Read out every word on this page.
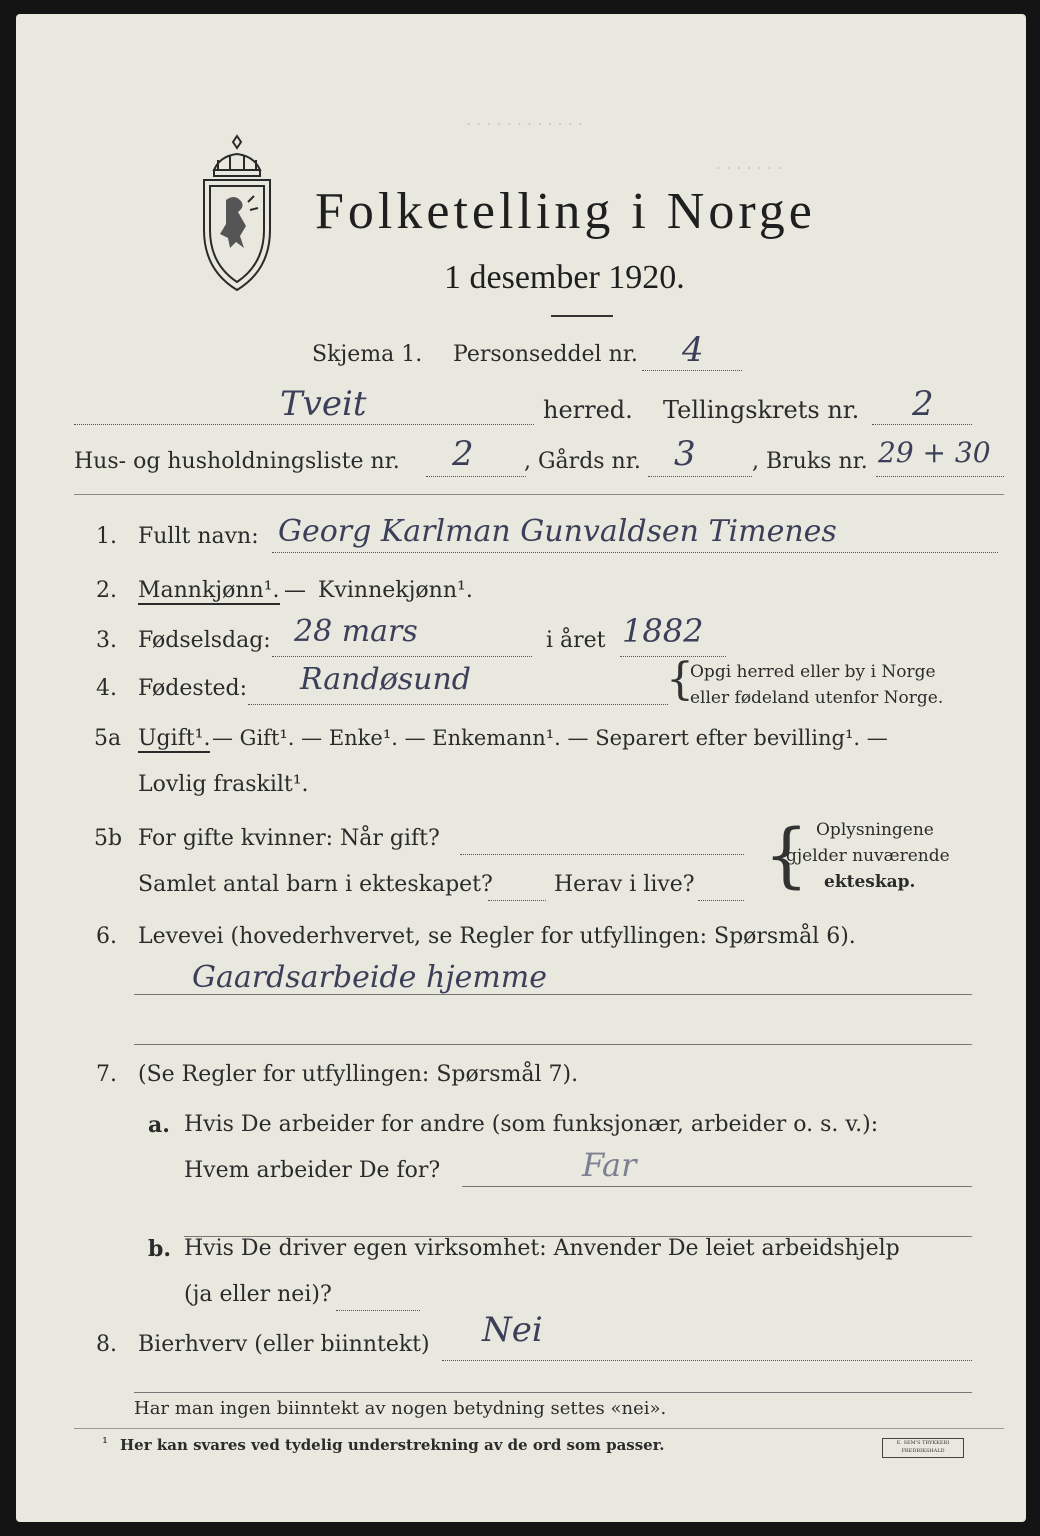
. . . . . . . . . . . .
. . . . . . .
Folketelling i Norge
1 desember 1920.
Skjema 1. Personseddel nr. 4
Tveit	herred. Tellingskrets nr. 2
Hus- og husholdningsliste nr. 2 , Gårds nr. 3	, Bruks nr. 29 + 30
1. Fullt navn: Georg Karlman Gunvaldsen Timenes
2. Mannkjønn¹. — Kvinnekjønn¹.
3. Fødselsdag: 28 mars	i året 1882
4. Fødested: Randøsund	{
Opgi herred eller by i Norge
eller fødeland utenfor Norge.
5a Ugift¹. — Gift¹. — Enke¹. — Enkemann¹. — Separert efter bevilling¹. —
Lovlig fraskilt¹.
5b For gifte kvinner: Når gift?
Samlet antal barn i ekteskapet?	Herav i live? { Oplysningene
gjelder nuværende
ekteskap.
6. Levevei (hovederhvervet, se Regler for utfyllingen: Spørsmål 6).
Gaardsarbeide hjemme
7. (Se Regler for utfyllingen: Spørsmål 7).
a. Hvis De arbeider for andre (som funksjonær, arbeider o. s. v.):
Hvem arbeider De for?	Far
b. Hvis De driver egen virksomhet: Anvender De leiet arbeidshjelp
(ja eller nei)?
8. Bierhverv (eller biinntekt) Nei
Har man ingen biinntekt av nogen betydning settes «nei».
¹ Her kan svares ved tydelig understrekning av de ord som passer.	E. SEM'S TRYKKERI
FREDRIKSHALD
